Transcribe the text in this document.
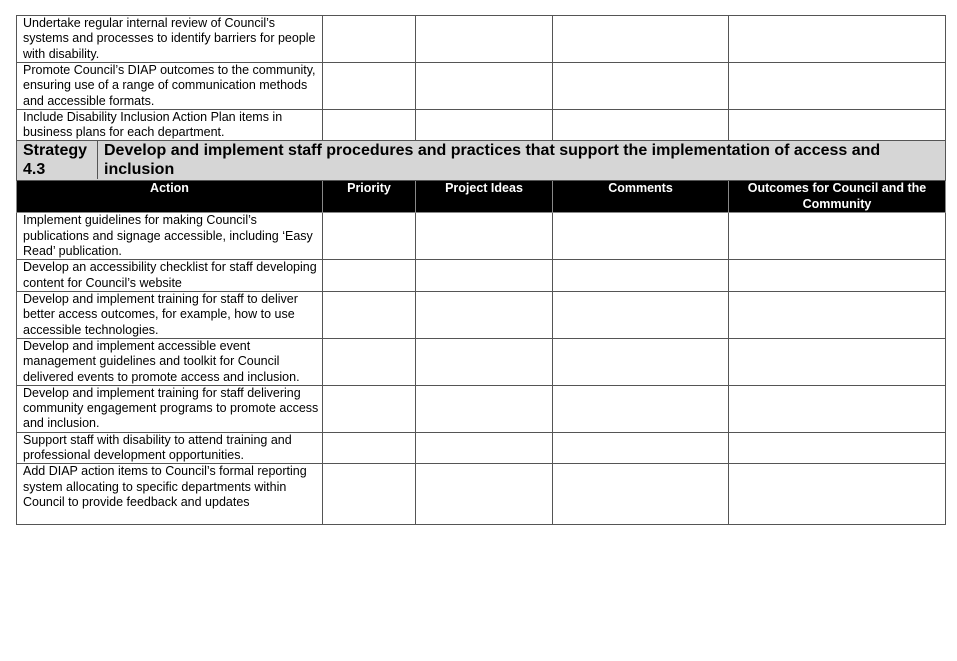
Undertake regular internal review of Council’s systems and processes to identify barriers for people with disability.				
Promote Council’s DIAP outcomes to the community, ensuring use of a range of communication methods and accessible formats.				
Include Disability Inclusion Action Plan items in business plans for each department.				

Strategy 4.3	Develop and implement staff procedures and practices that support the implementation of access and inclusion

Action	Priority	Project Ideas	Comments	Outcomes for Council and the Community
Implement guidelines for making Council’s publications and signage accessible, including ‘Easy Read’ publication.				
Develop an accessibility checklist for staff developing content for Council’s website				
Develop and implement training for staff to deliver better access outcomes, for example, how to use accessible technologies.				
Develop and implement accessible event management guidelines and toolkit for Council delivered events to promote access and inclusion.				
Develop and implement training for staff delivering community engagement programs to promote access and inclusion.				
Support staff with disability to attend training and professional development opportunities.				
Add DIAP action items to Council’s formal reporting system allocating to specific departments within Council to provide feedback and updates				
